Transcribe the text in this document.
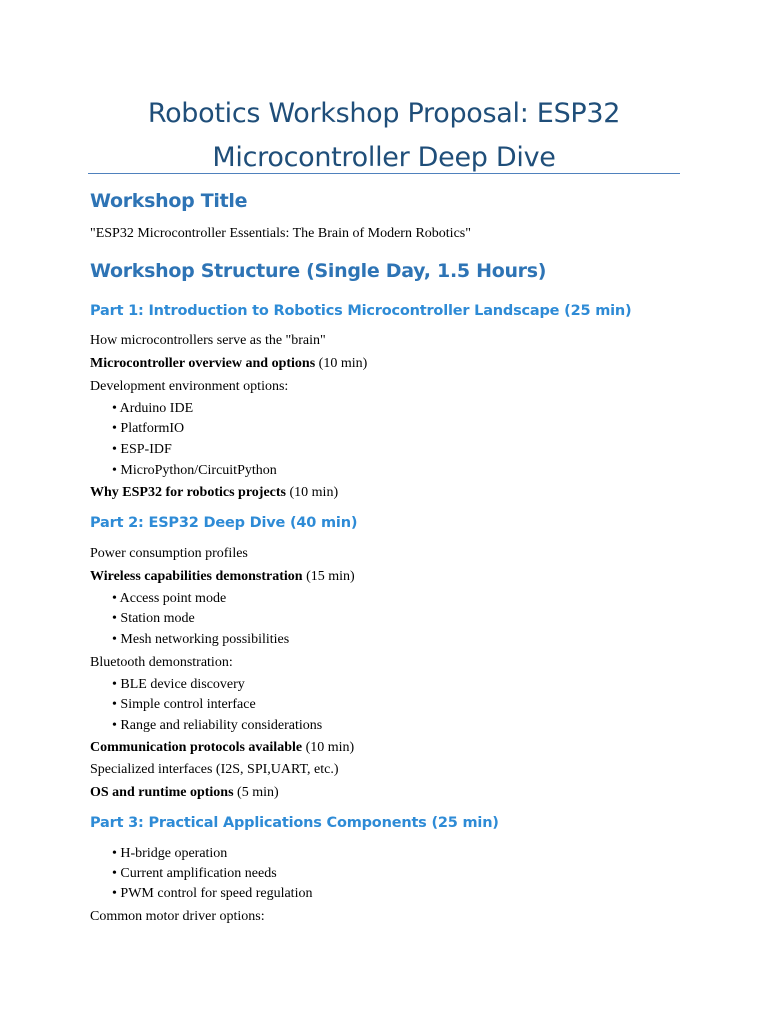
Robotics Workshop Proposal: ESP32
Microcontroller Deep Dive
Workshop Title
"ESP32 Microcontroller Essentials: The Brain of Modern Robotics"
Workshop Structure (Single Day, 1.5 Hours)
Part 1: Introduction to Robotics Microcontroller Landscape (25 min)
How microcontrollers serve as the "brain"
Microcontroller overview and options (10 min)
Development environment options:
• Arduino IDE
• PlatformIO
• ESP-IDF
• MicroPython/CircuitPython
Why ESP32 for robotics projects (10 min)
Part 2: ESP32 Deep Dive (40 min)
Power consumption profiles
Wireless capabilities demonstration (15 min)
• Access point mode
• Station mode
• Mesh networking possibilities
Bluetooth demonstration:
• BLE device discovery
• Simple control interface
• Range and reliability considerations
Communication protocols available (10 min)
Specialized interfaces (I2S, SPI,UART, etc.)
OS and runtime options (5 min)
Part 3: Practical Applications Components (25 min)
• H-bridge operation
• Current amplification needs
• PWM control for speed regulation
Common motor driver options:
